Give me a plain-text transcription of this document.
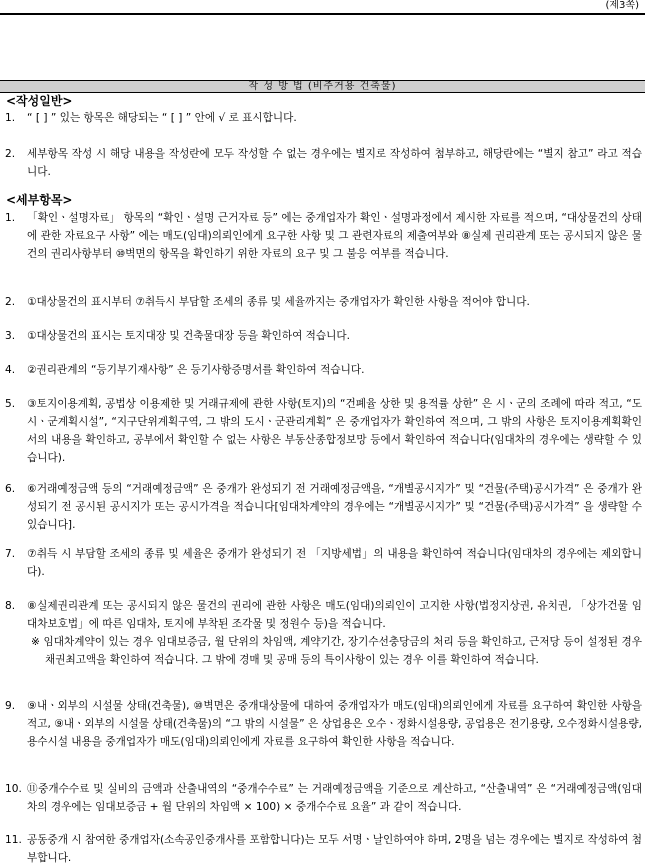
(제3쪽)
작 성 방 법 (비주거용 건축물)
<작성일반>
1. “ [ ] ” 있는 항목은 해당되는 “ [ ] ” 안에 √ 로 표시합니다.
2. 세부항목 작성 시 해당 내용을 작성란에 모두 작성할 수 없는 경우에는 별지로 작성하여 첨부하고, 해당란에는 “별지 참고” 라고 적습니다.
<세부항목>
1. 「확인ㆍ설명자료」 항목의 “확인ㆍ설명 근거자료 등” 에는 중개업자가 확인ㆍ설명과정에서 제시한 자료를 적으며, “대상물건의 상태에 관한 자료요구 사항” 에는 매도(임대)의뢰인에게 요구한 사항 및 그 관련자료의 제출여부와 ⑧실제 권리관계 또는 공시되지 않은 물건의 권리사항부터 ⑩벽면의 항목을 확인하기 위한 자료의 요구 및 그 불응 여부를 적습니다.
2. ①대상물건의 표시부터 ⑦취득시 부담할 조세의 종류 및 세율까지는 중개업자가 확인한 사항을 적어야 합니다.
3. ①대상물건의 표시는 토지대장 및 건축물대장 등을 확인하여 적습니다.
4. ②권리관계의 “등기부기재사항” 은 등기사항증명서를 확인하여 적습니다.
5. ③토지이용계획, 공법상 이용제한 및 거래규제에 관한 사항(토지)의 “건폐율 상한 및 용적률 상한” 은 시ㆍ군의 조례에 따라 적고, “도시ㆍ군계획시설”, “지구단위계획구역, 그 밖의 도시ㆍ군관리계획” 은 중개업자가 확인하여 적으며, 그 밖의 사항은 토지이용계획확인서의 내용을 확인하고, 공부에서 확인할 수 없는 사항은 부동산종합정보망 등에서 확인하여 적습니다(임대차의 경우에는 생략할 수 있습니다).
6. ⑥거래예정금액 등의 “거래예정금액” 은 중개가 완성되기 전 거래예정금액을, “개별공시지가” 및 “건물(주택)공시가격” 은 중개가 완성되기 전 공시된 공시지가 또는 공시가격을 적습니다[임대차계약의 경우에는 “개별공시지가” 및 “건물(주택)공시가격” 을 생략할 수 있습니다].
7. ⑦취득 시 부담할 조세의 종류 및 세율은 중개가 완성되기 전 「지방세법」의 내용을 확인하여 적습니다(임대차의 경우에는 제외합니다).
8. ⑧실제권리관계 또는 공시되지 않은 물건의 권리에 관한 사항은 매도(임대)의뢰인이 고지한 사항(법정지상권, 유치권, 「상가건물 임대차보호법」에 따른 임대차, 토지에 부착된 조각물 및 정원수 등)을 적습니다.
※ 임대차계약이 있는 경우 임대보증금, 월 단위의 차임액, 계약기간, 장기수선충당금의 처리 등을 확인하고, 근저당 등이 설정된 경우 채권최고액을 확인하여 적습니다. 그 밖에 경매 및 공매 등의 특이사항이 있는 경우 이를 확인하여 적습니다.
9. ⑨내ㆍ외부의 시설물 상태(건축물), ⑩벽면은 중개대상물에 대하여 중개업자가 매도(임대)의뢰인에게 자료를 요구하여 확인한 사항을 적고, ⑨내ㆍ외부의 시설물 상태(건축물)의 “그 밖의 시설물” 은 상업용은 오수ㆍ정화시설용량, 공업용은 전기용량, 오수정화시설용량, 용수시설 내용을 중개업자가 매도(임대)의뢰인에게 자료를 요구하여 확인한 사항을 적습니다.
10. ⑪중개수수료 및 실비의 금액과 산출내역의 “중개수수료” 는 거래예정금액을 기준으로 계산하고, “산출내역” 은 “거래예정금액(임대차의 경우에는 임대보증금 + 월 단위의 차임액 × 100) × 중개수수료 요율” 과 같이 적습니다.
11. 공동중개 시 참여한 중개업자(소속공인중개사를 포함합니다)는 모두 서명ㆍ날인하여야 하며, 2명을 넘는 경우에는 별지로 작성하여 첨부합니다.
